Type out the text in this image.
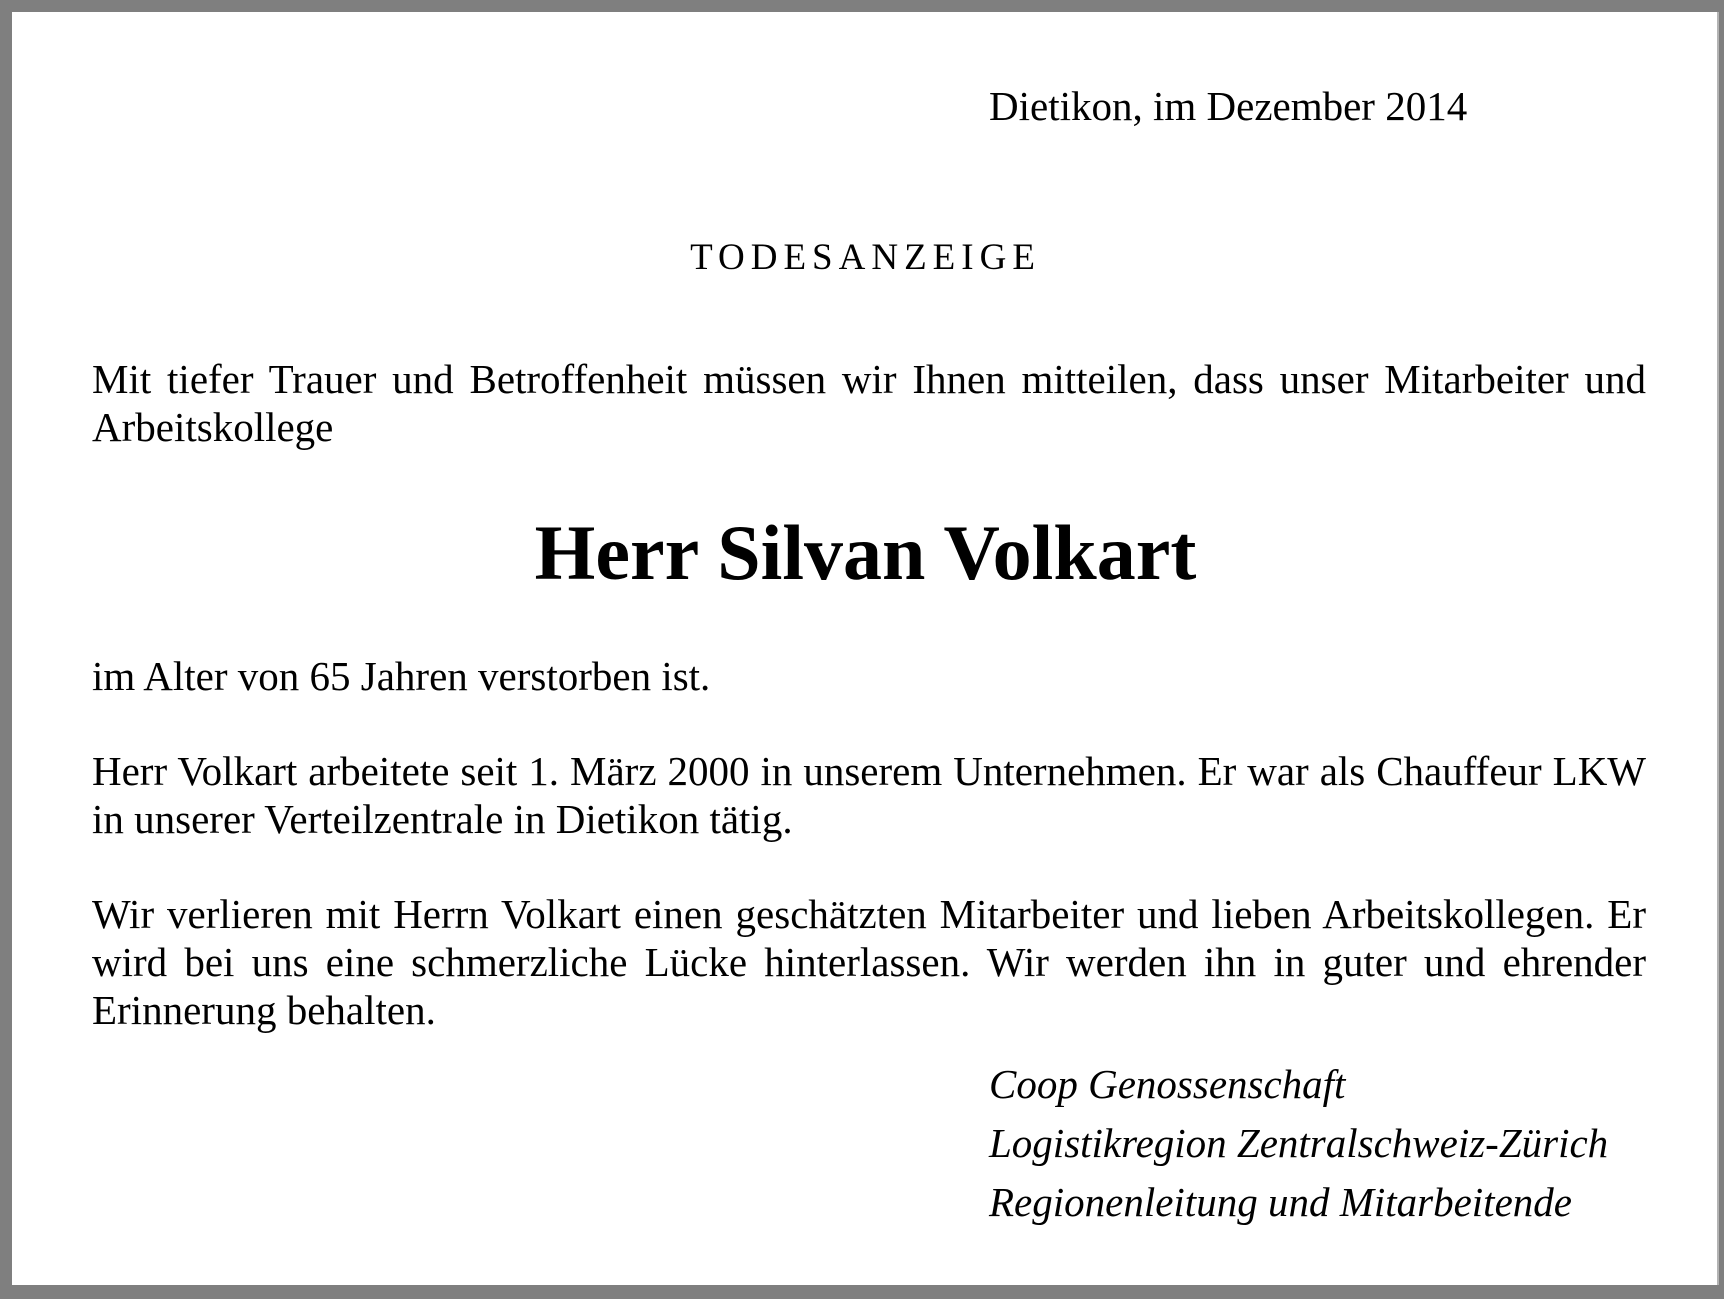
Dietikon, im Dezember 2014
TODESANZEIGE
Mit tiefer Trauer und Betroffenheit müssen wir Ihnen mitteilen, dass unser Mitarbeiter und Arbeitskollege
Herr Silvan Volkart
im Alter von 65 Jahren verstorben ist.
Herr Volkart arbeitete seit 1. März 2000 in unserem Unternehmen. Er war als Chauffeur LKW in unserer Verteilzentrale in Dietikon tätig.
Wir verlieren mit Herrn Volkart einen geschätzten Mitarbeiter und lieben Arbeitskollegen. Er wird bei uns eine schmerzliche Lücke hinterlassen. Wir werden ihn in guter und ehrender Erinnerung behalten.
Coop Genossenschaft
Logistikregion Zentralschweiz-Zürich
Regionenleitung und Mitarbeitende
